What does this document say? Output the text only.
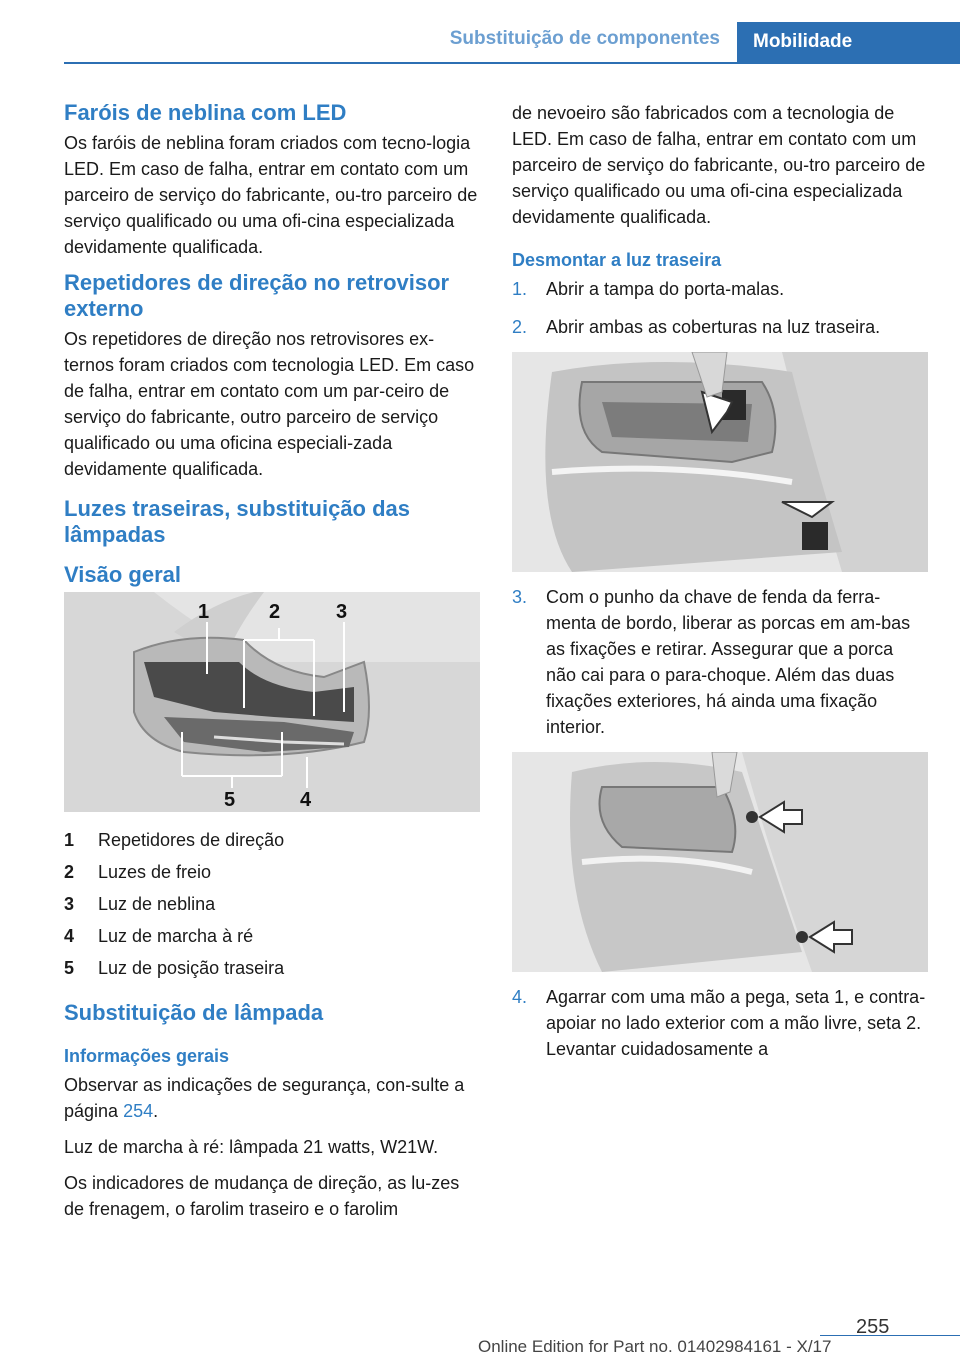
Substituição de componentes	Mobilidade
Faróis de neblina com LED

Os faróis de neblina foram criados com tecno-logia LED. Em caso de falha, entrar em contato com um parceiro de serviço do fabricante, ou-tro parceiro de serviço qualificado ou uma ofi-cina especializada devidamente qualificada.

Repetidores de direção no retrovisor externo

Os repetidores de direção nos retrovisores ex-ternos foram criados com tecnologia LED. Em caso de falha, entrar em contato com um par-ceiro de serviço do fabricante, outro parceiro de serviço qualificado ou uma oficina especiali-zada devidamente qualificada.

Luzes traseiras, substituição das lâmpadas
Visão geral
1	2	3
4
5
1	Repetidores de direção
2	Luzes de freio
3	Luz de neblina
4	Luz de marcha à ré
5	Luz de posição traseira
Substituição de lâmpada
Informações gerais

Observar as indicações de segurança, con-sulte a página 254.

Luz de marcha à ré: lâmpada 21 watts, W21W.

Os indicadores de mudança de direção, as lu-zes de frenagem, o farolim traseiro e o farolim

de nevoeiro são fabricados com a tecnologia de LED. Em caso de falha, entrar em contato com um parceiro de serviço do fabricante, ou-tro parceiro de serviço qualificado ou uma ofi-cina especializada devidamente qualificada.

Desmontar a luz traseira
1.	Abrir a tampa do porta-malas.
2.	Abrir ambas as coberturas na luz traseira.
3.	Com o punho da chave de fenda da ferra-menta de bordo, liberar as porcas em am-bas as fixações e retirar. Assegurar que a porca não cai para o para-choque. Além das duas fixações exteriores, há ainda uma fixação interior.
4.	Agarrar com uma mão a pega, seta 1, e contra-apoiar no lado exterior com a mão livre, seta 2. Levantar cuidadosamente a
255
Online Edition for Part no. 01402984161 - X/17
